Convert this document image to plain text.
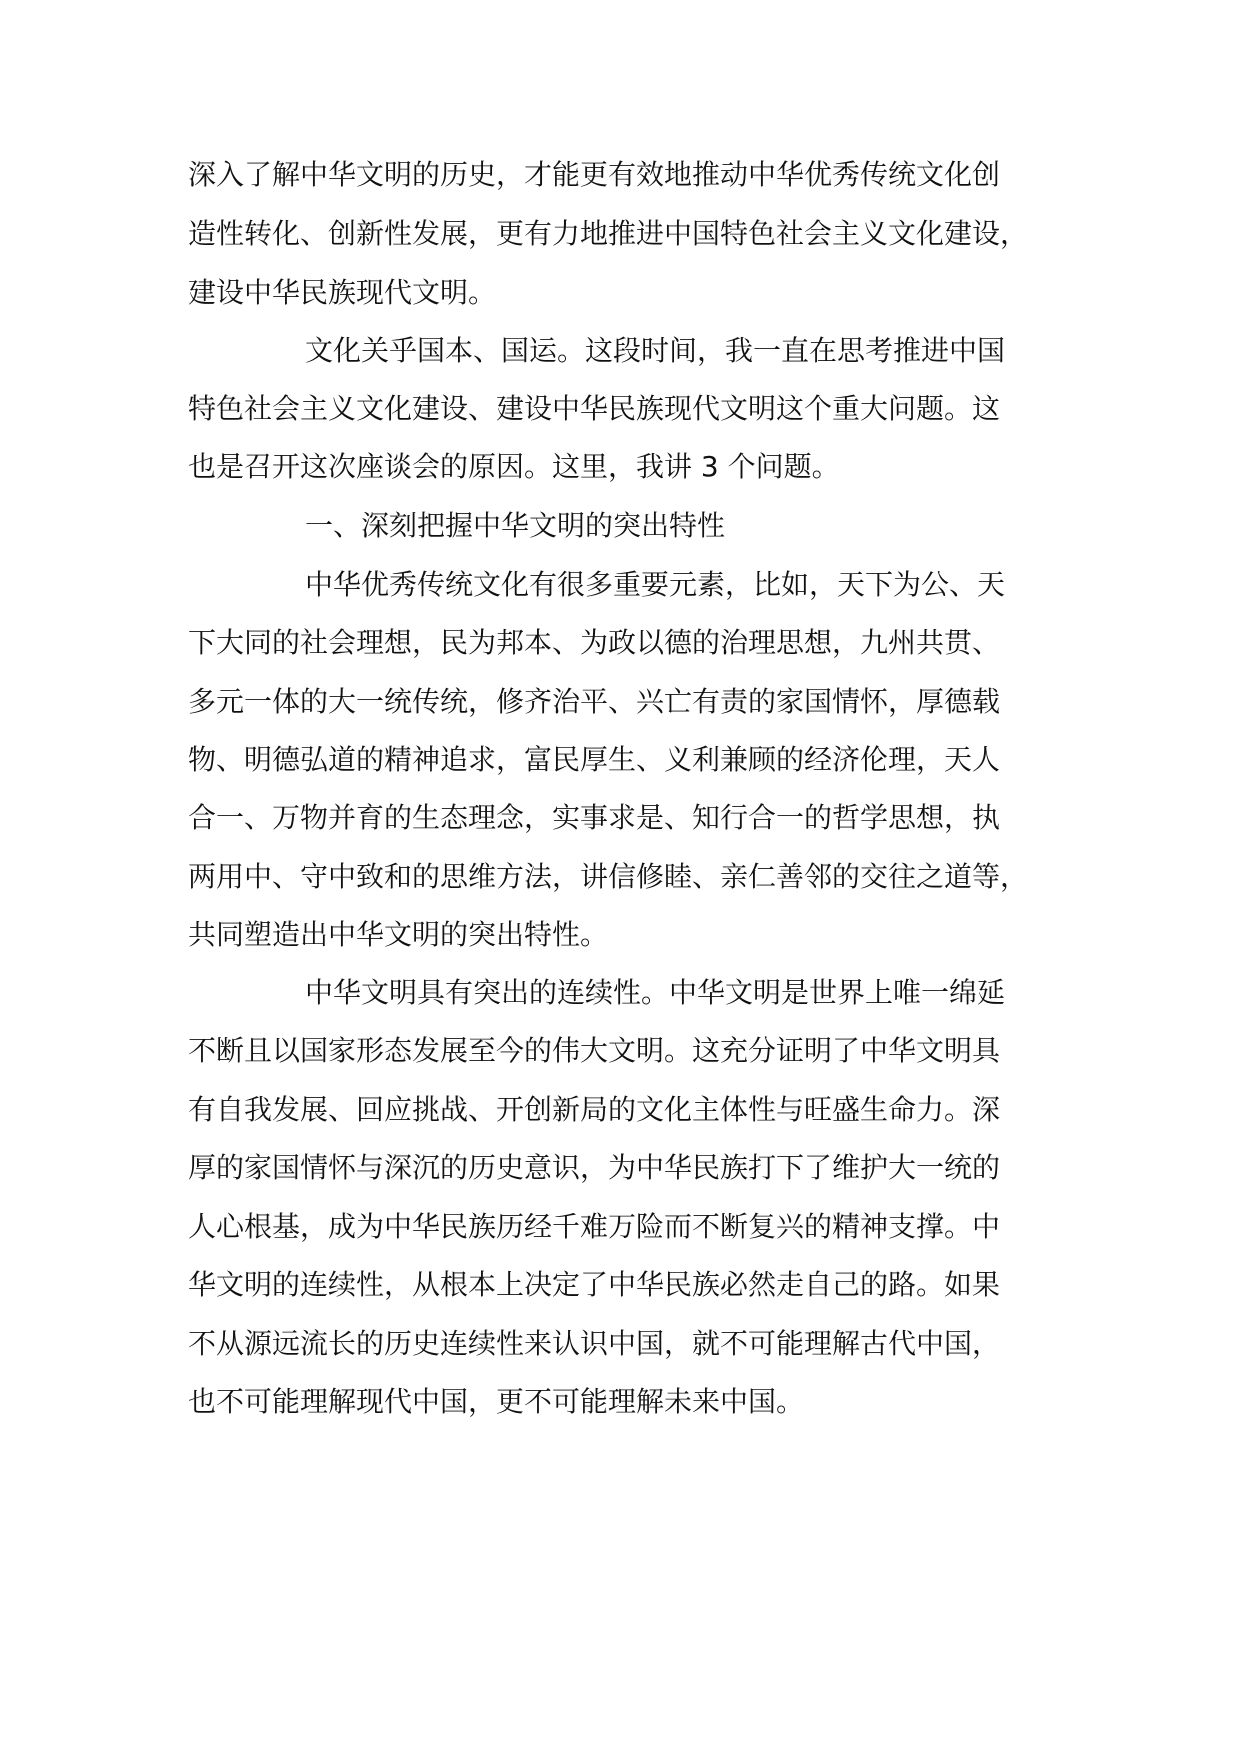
深入了解中华文明的历史，才能更有效地推动中华优秀传统文化创
造性转化、创新性发展，更有力地推进中国特色社会主义文化建设，
建设中华民族现代文明。
文化关乎国本、国运。这段时间，我一直在思考推进中国
特色社会主义文化建设、建设中华民族现代文明这个重大问题。这
也是召开这次座谈会的原因。这里，我讲 3 个问题。
一、深刻把握中华文明的突出特性
中华优秀传统文化有很多重要元素，比如，天下为公、天
下大同的社会理想，民为邦本、为政以德的治理思想，九州共贯、
多元一体的大一统传统，修齐治平、兴亡有责的家国情怀，厚德载
物、明德弘道的精神追求，富民厚生、义利兼顾的经济伦理，天人
合一、万物并育的生态理念，实事求是、知行合一的哲学思想，执
两用中、守中致和的思维方法，讲信修睦、亲仁善邻的交往之道等，
共同塑造出中华文明的突出特性。
中华文明具有突出的连续性。中华文明是世界上唯一绵延
不断且以国家形态发展至今的伟大文明。这充分证明了中华文明具
有自我发展、回应挑战、开创新局的文化主体性与旺盛生命力。深
厚的家国情怀与深沉的历史意识，为中华民族打下了维护大一统的
人心根基，成为中华民族历经千难万险而不断复兴的精神支撑。中
华文明的连续性，从根本上决定了中华民族必然走自己的路。如果
不从源远流长的历史连续性来认识中国，就不可能理解古代中国，
也不可能理解现代中国，更不可能理解未来中国。
